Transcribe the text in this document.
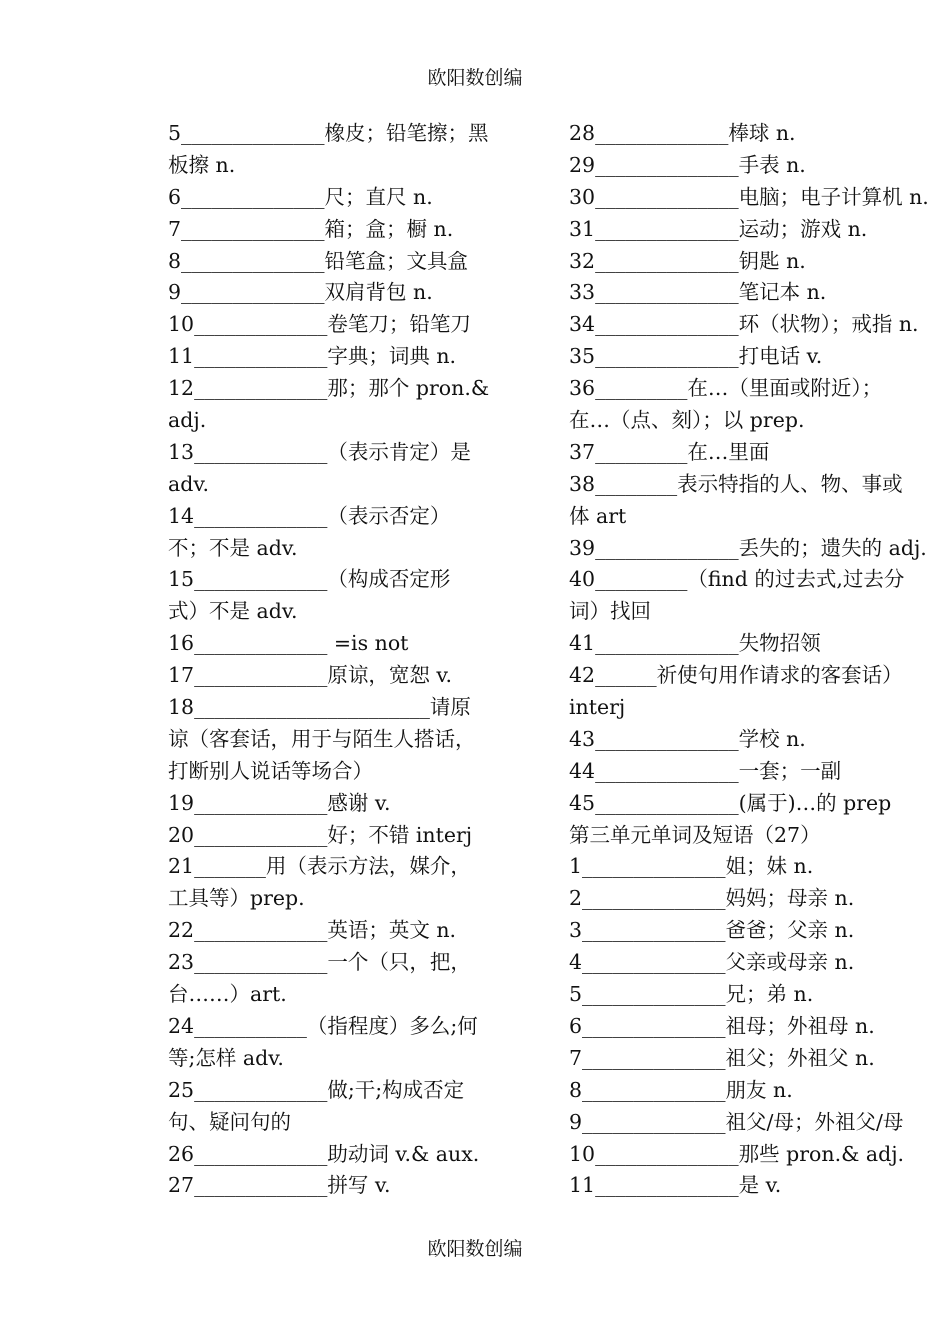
欧阳数创编
5______________橡皮；铅笔擦；黑
板擦 n.
6______________尺；直尺 n.
7______________箱；盒；橱 n.
8______________铅笔盒；文具盒
9______________双肩背包 n.
10_____________卷笔刀；铅笔刀
11_____________字典；词典 n.
12_____________那；那个 pron.&
adj.
13_____________（表示肯定）是
adv.
14_____________（表示否定）
不；不是 adv.
15_____________（构成否定形
式）不是 adv.
16_____________ =is not
17_____________原谅，宽恕 v.
18_______________________请原
谅（客套话，用于与陌生人搭话，
打断别人说话等场合）
19_____________感谢 v.
20_____________好；不错 interj
21_______用（表示方法，媒介，
工具等）prep.
22_____________英语；英文 n.
23_____________一个（只，把，
台……）art.
24___________（指程度）多么;何
等;怎样 adv.
25_____________做;干;构成否定
句、疑问句的
26_____________助动词 v.& aux.
27_____________拼写 v.
28_____________棒球 n.
29______________手表 n.
30______________电脑；电子计算机 n.
31______________运动；游戏 n.
32______________钥匙 n.
33______________笔记本 n.
34______________环（状物）；戒指 n.
35______________打电话 v.
36_________在…（里面或附近）；
在…（点、刻）；以 prep.
37_________在…里面
38________表示特指的人、物、事或
体 art
39______________丢失的；遗失的 adj.
40_________（find 的过去式,过去分
词）找回
41______________失物招领
42______祈使句用作请求的客套话）
interj
43______________学校 n.
44______________一套；一副
45______________(属于)…的 prep
第三单元单词及短语（27）
1______________姐；妹 n.
2______________妈妈；母亲 n.
3______________爸爸；父亲 n.
4______________父亲或母亲 n.
5______________兄；弟 n.
6______________祖母；外祖母 n.
7______________祖父；外祖父 n.
8______________朋友 n.
9______________祖父/母；外祖父/母
10______________那些 pron.& adj.
11______________是 v.
欧阳数创编
